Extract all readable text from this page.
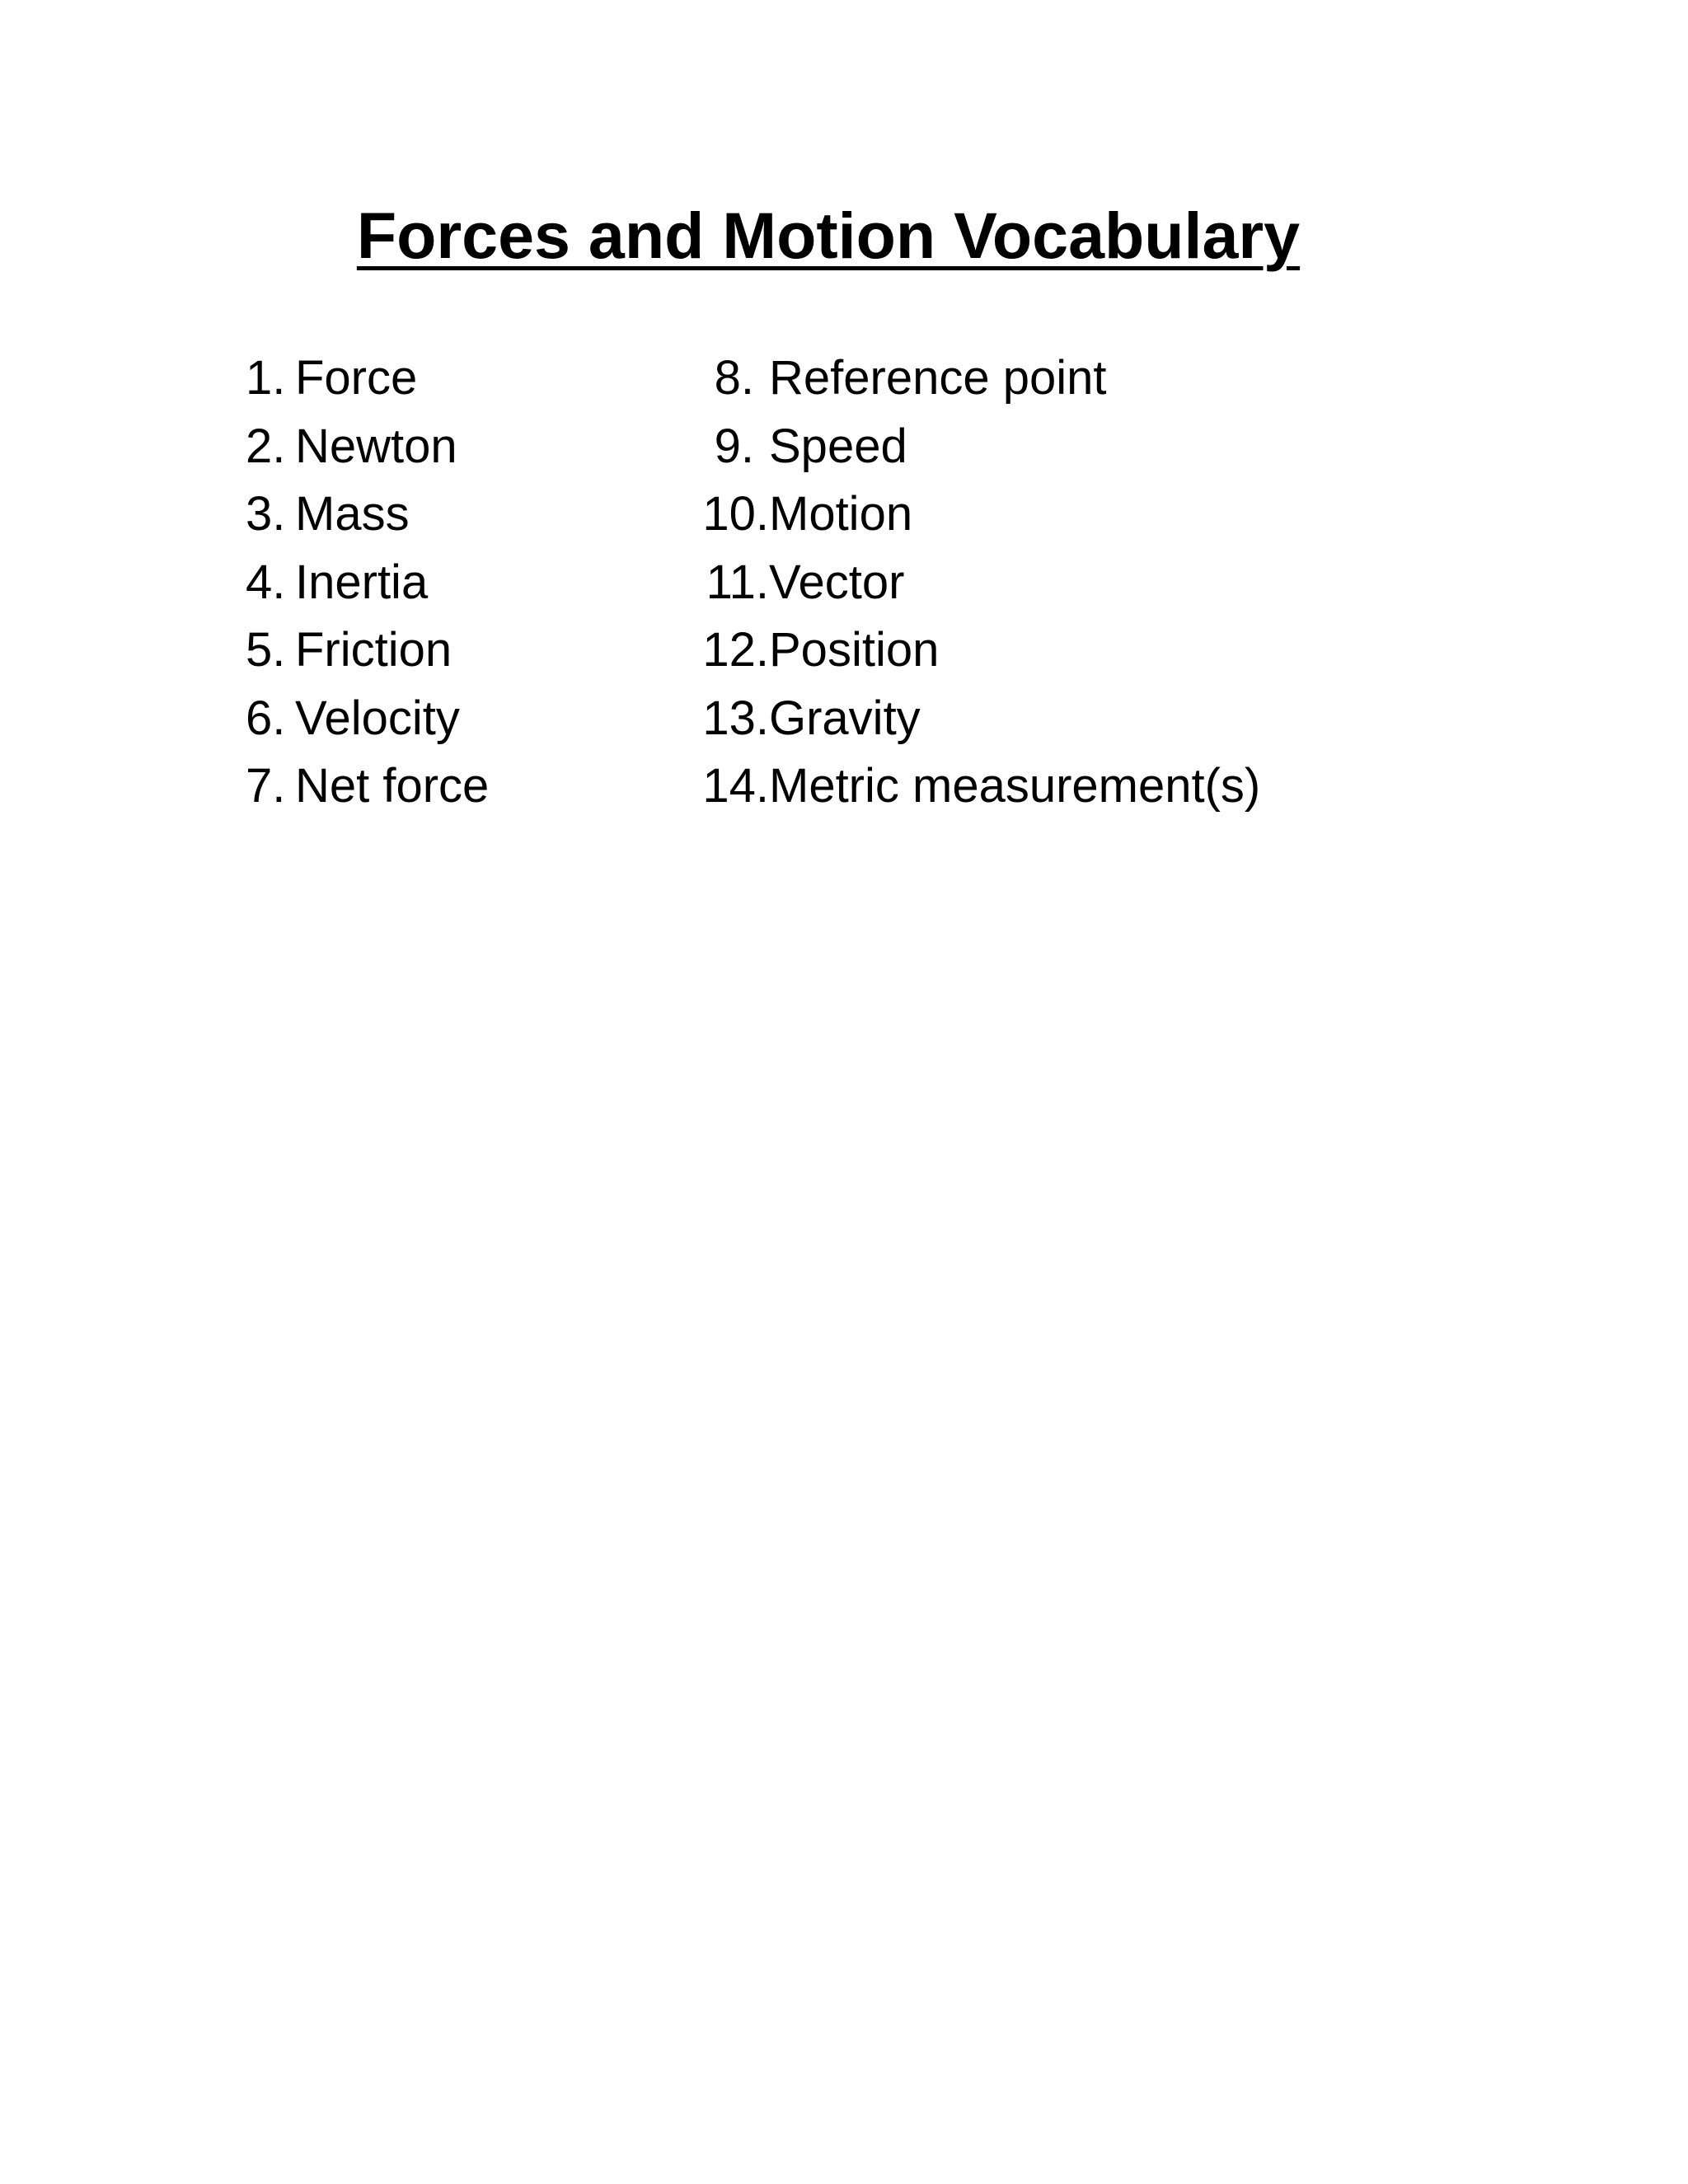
Forces and Motion Vocabulary
1. Force
2. Newton
3. Mass
4. Inertia
5. Friction
6. Velocity
7. Net force
8. Reference point
9. Speed
10. Motion
11. Vector
12. Position
13. Gravity
14. Metric measurement(s)
